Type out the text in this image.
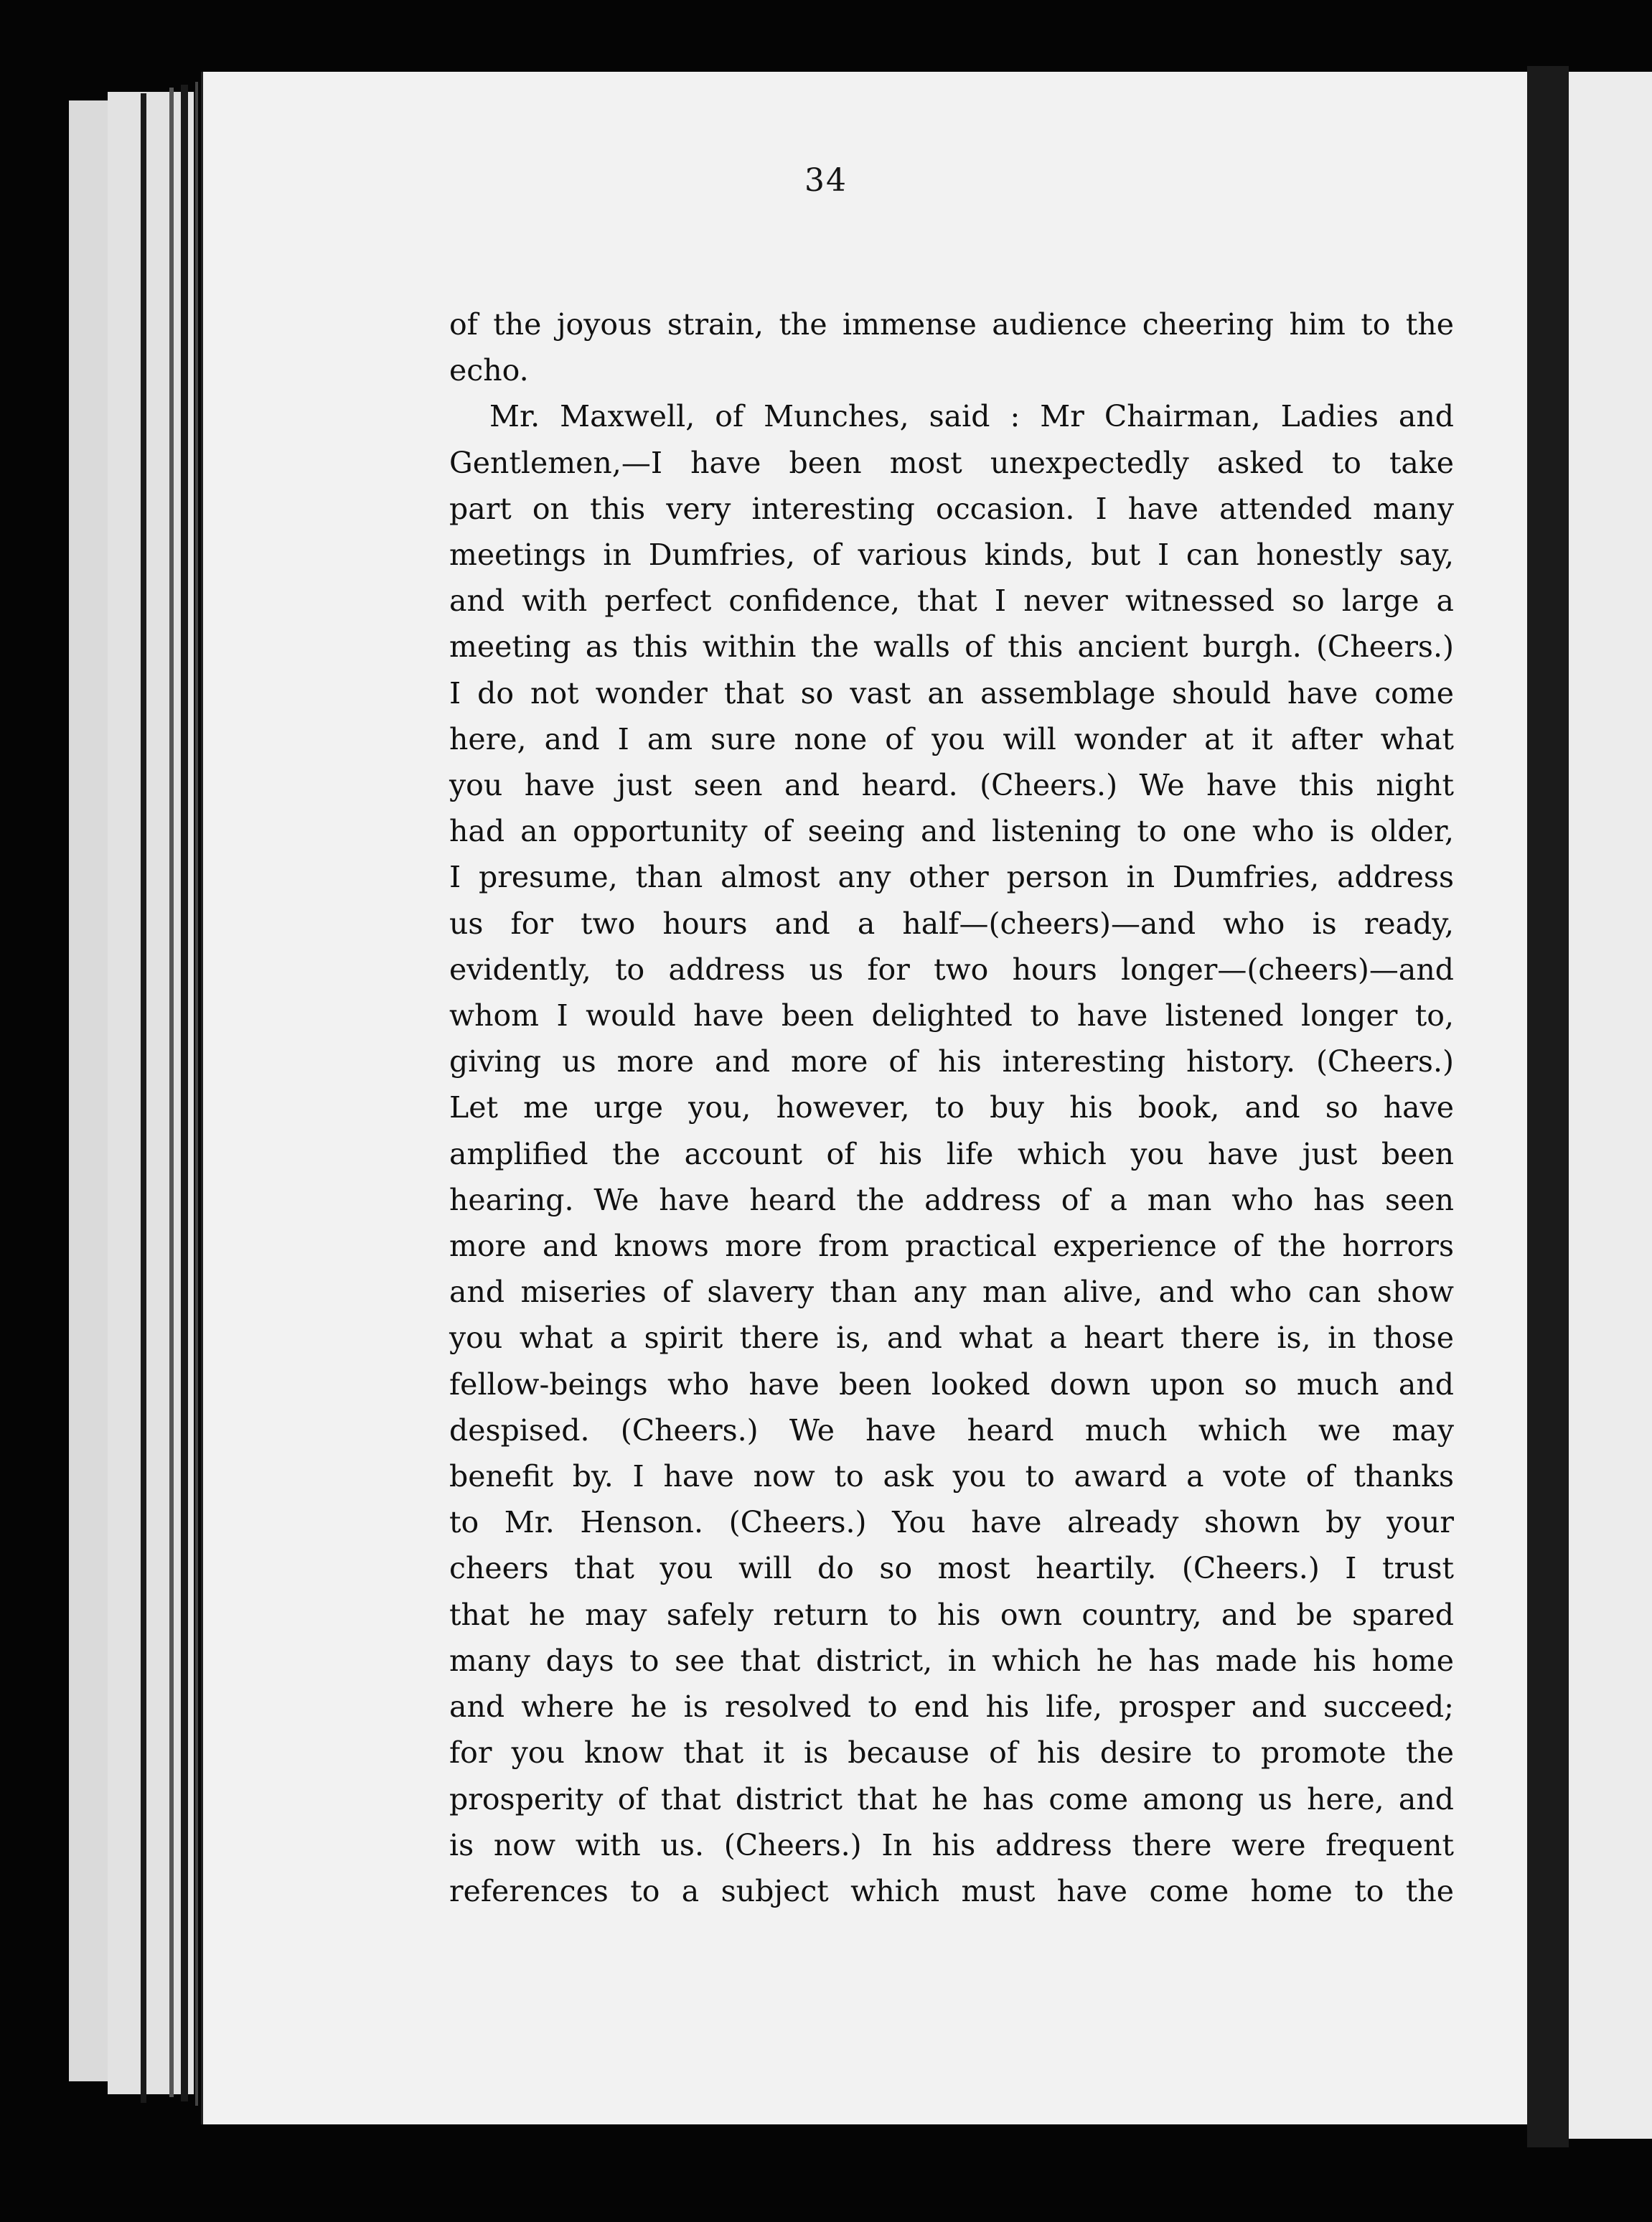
34
of the joyous strain, the immense audience cheering him to the
echo.
Mr. Maxwell, of Munches, said : Mr Chairman, Ladies and
Gentlemen,—I have been most unexpectedly asked to take
part on this very interesting occasion. I have attended many
meetings in Dumfries, of various kinds, but I can honestly say,
and with perfect confidence, that I never witnessed so large a
meeting as this within the walls of this ancient burgh. (Cheers.)
I do not wonder that so vast an assemblage should have come
here, and I am sure none of you will wonder at it after what
you have just seen and heard. (Cheers.) We have this night
had an opportunity of seeing and listening to one who is older,
I presume, than almost any other person in Dumfries, address
us for two hours and a half—(cheers)—and who is ready,
evidently, to address us for two hours longer—(cheers)—and
whom I would have been delighted to have listened longer to,
giving us more and more of his interesting history. (Cheers.)
Let me urge you, however, to buy his book, and so have
amplified the account of his life which you have just been
hearing. We have heard the address of a man who has seen
more and knows more from practical experience of the horrors
and miseries of slavery than any man alive, and who can show
you what a spirit there is, and what a heart there is, in those
fellow-beings who have been looked down upon so much and
despised. (Cheers.) We have heard much which we may
benefit by. I have now to ask you to award a vote of thanks
to Mr. Henson. (Cheers.) You have already shown by your
cheers that you will do so most heartily. (Cheers.) I trust
that he may safely return to his own country, and be spared
many days to see that district, in which he has made his home
and where he is resolved to end his life, prosper and succeed;
for you know that it is because of his desire to promote the
prosperity of that district that he has come among us here, and
is now with us. (Cheers.) In his address there were frequent
references to a subject which must have come home to the
